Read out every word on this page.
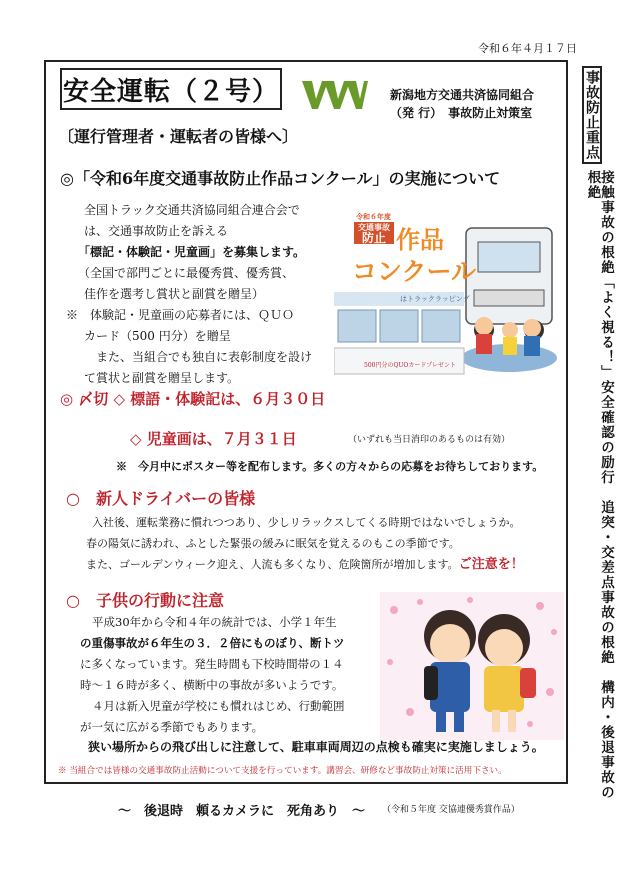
令和６年４月１７日
安全運転（２号）	新潟地方交通共済協同組合
（発 行）　事故防止対策室
〔運行管理者・運転者の皆様へ〕
◎「令和6年度交通事故防止作品コンクール」の実施について
全国トラック交通共済協同組合連合会で
は、交通事故防止を訴える
「標記・体験記・児童画」を募集します。
（全国で部門ごとに最優秀賞、優秀賞、
佳作を選考し賞状と副賞を贈呈）
※　体験記・児童画の応募者には、ＱＵＯ
カード（500 円分）を贈呈
また、当組合でも独自に表彰制度を設け
て賞状と副賞を贈呈します。
令和６年度
交通事故
防止 作品
コンクール
はトラックラッピング
500円分のQUOカードプレゼント
◎ 〆切 ◇ 標語・体験記は、６月３０日
◇ 児童画は、７月３１日	（いずれも当日消印のあるものは有効）
※　今月中にポスター等を配布します。多くの方々からの応募をお待ちしております。
○　新人ドライバーの皆様
入社後、運転業務に慣れつつあり、少しリラックスしてくる時期ではないでしょうか。
春の陽気に誘われ、ふとした緊張の緩みに眠気を覚えるのもこの季節です。
また、ゴールデンウィーク迎え、人流も多くなり、危険箇所が増加します。ご注意を！
○　子供の行動に注意
平成30年から令和４年の統計では、小学１年生
の重傷事故が６年生の３．２倍にものぼり、断トツ
に多くなっています。発生時間も下校時間帯の１４
時～１６時が多く、横断中の事故が多いようです。
４月は新入児童が学校にも慣れはじめ、行動範囲
が一気に広がる季節でもあります。
狭い場所からの飛び出しに注意して、駐車車両周辺の点検も確実に実施しましょう。
※ 当組合では皆様の交通事故防止活動について支援を行っています。講習会、研修など事故防止対策に活用下さい。
～　後退時　頼るカメラに　死角あり　～ （令和５年度 交協連優秀賞作品）
事故防止重点
接触事故の根絶「よく視る！」安全確認の励行　追突・交差点事故の根絶　構内・後退事故の根絶
